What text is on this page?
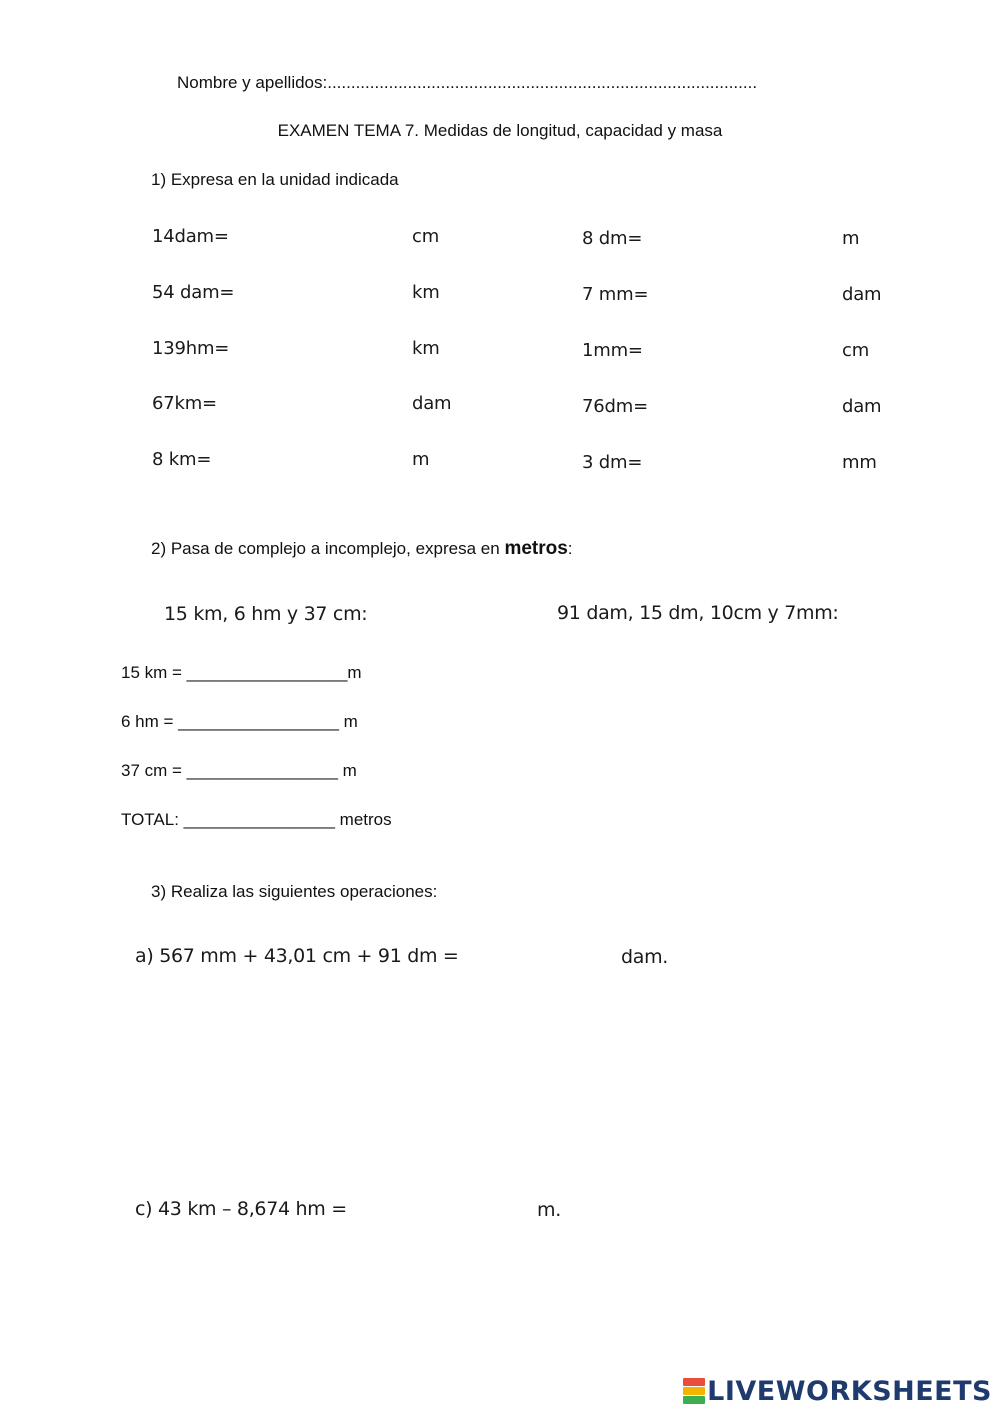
Nombre y apellidos:...........................................................................................
EXAMEN TEMA 7. Medidas de longitud, capacidad y masa
1) Expresa en la unidad indicada
14dam=	cm	8 dm=	m
54 dam=	km	7 mm=	dam
139hm=	km	1mm=	cm
67km=	dam	76dm=	dam
8 km=	m	3 dm=	mm
2) Pasa de complejo a incomplejo, expresa en metros:
15 km, 6 hm y 37 cm:	91 dam, 15 dm, 10cm y 7mm:
15 km = _________________m
6 hm = _________________ m
37 cm = ________________ m
TOTAL: ________________ metros
3) Realiza las siguientes operaciones:
a) 567 mm + 43,01 cm + 91 dm =	dam.
c) 43 km – 8,674 hm =	m.
LIVEWORKSHEETS
